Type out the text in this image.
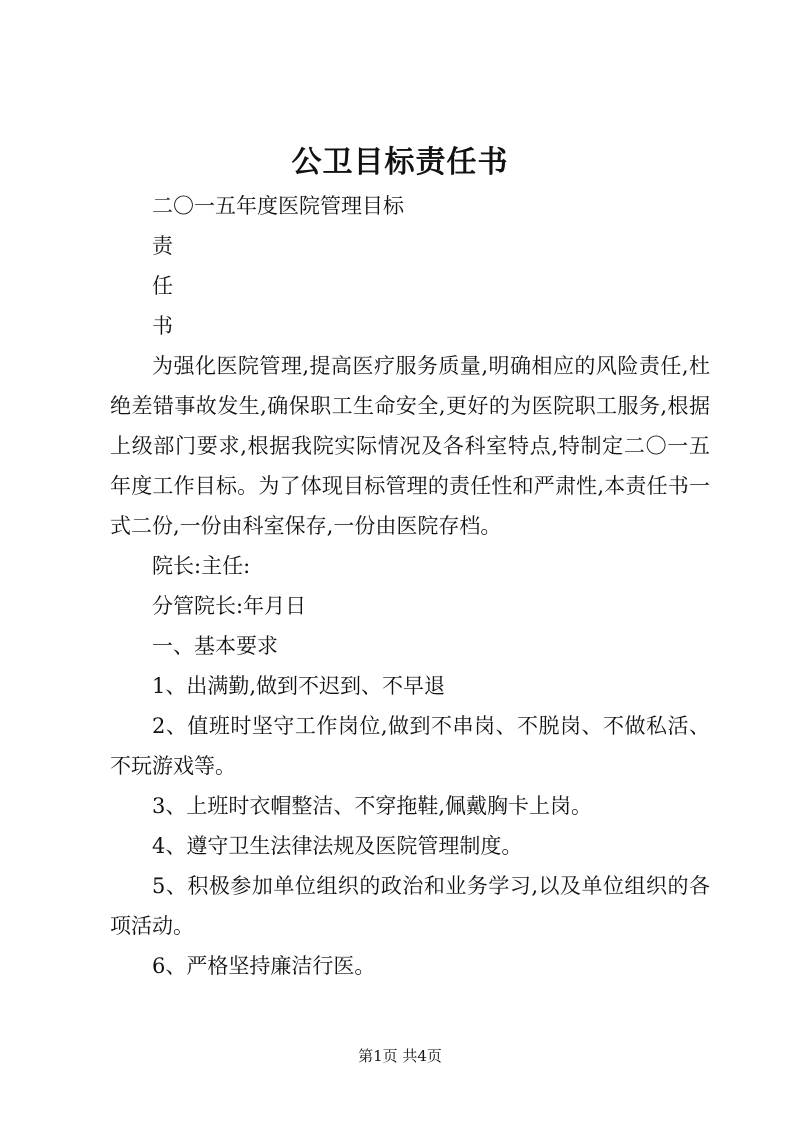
公卫目标责任书

二〇一五年度医院管理目标

责

任

书

为强化医院管理,提高医疗服务质量,明确相应的风险责任,杜绝差错事故发生,确保职工生命安全,更好的为医院职工服务,根据上级部门要求,根据我院实际情况及各科室特点,特制定二〇一五年度工作目标。为了体现目标管理的责任性和严肃性,本责任书一式二份,一份由科室保存,一份由医院存档。

院长:主任:

分管院长:年月日

一、基本要求

1、出满勤,做到不迟到、不早退

2、值班时坚守工作岗位,做到不串岗、不脱岗、不做私活、不玩游戏等。

3、上班时衣帽整洁、不穿拖鞋,佩戴胸卡上岗。

4、遵守卫生法律法规及医院管理制度。

5、积极参加单位组织的政治和业务学习,以及单位组织的各项活动。

6、严格坚持廉洁行医。

第1页 共4页
